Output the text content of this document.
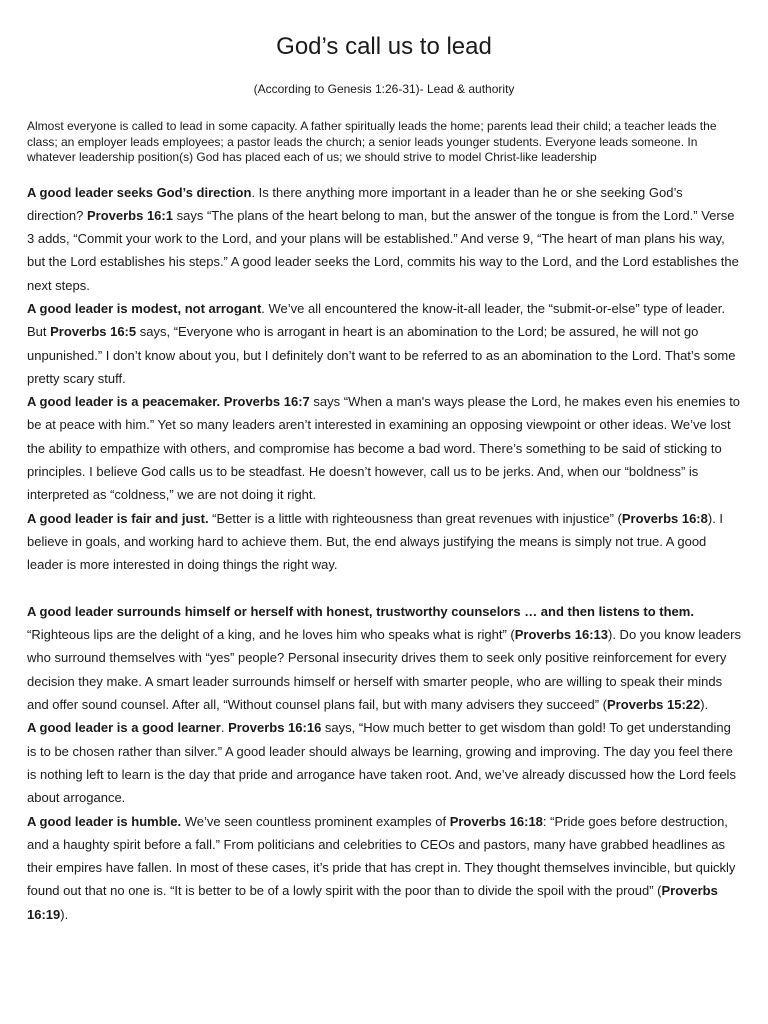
God’s call us to lead
(According to Genesis 1:26-31)- Lead & authority

Almost everyone is called to lead in some capacity. A father spiritually leads the home; parents lead their child; a teacher leads the class; an employer leads employees; a pastor leads the church; a senior leads younger students. Everyone leads someone. In whatever leadership position(s) God has placed each of us; we should strive to model Christ-like leadership

A good leader seeks God’s direction. Is there anything more important in a leader than he or she seeking God’s direction? Proverbs 16:1 says “The plans of the heart belong to man, but the answer of the tongue is from the Lord.” Verse 3 adds, “Commit your work to the Lord, and your plans will be established.” And verse 9, “The heart of man plans his way, but the Lord establishes his steps.” A good leader seeks the Lord, commits his way to the Lord, and the Lord establishes the next steps.

A good leader is modest, not arrogant. We’ve all encountered the know-it-all leader, the “submit-or-else” type of leader. But Proverbs 16:5 says, “Everyone who is arrogant in heart is an abomination to the Lord; be assured, he will not go unpunished.” I don’t know about you, but I definitely don’t want to be referred to as an abomination to the Lord. That’s some pretty scary stuff.

A good leader is a peacemaker. Proverbs 16:7 says “When a man's ways please the Lord, he makes even his enemies to be at peace with him.” Yet so many leaders aren’t interested in examining an opposing viewpoint or other ideas. We’ve lost the ability to empathize with others, and compromise has become a bad word. There’s something to be said of sticking to principles. I believe God calls us to be steadfast. He doesn’t however, call us to be jerks. And, when our “boldness” is interpreted as “coldness,” we are not doing it right.

A good leader is fair and just. “Better is a little with righteousness than great revenues with injustice” (Proverbs 16:8). I believe in goals, and working hard to achieve them. But, the end always justifying the means is simply not true. A good leader is more interested in doing things the right way.

A good leader surrounds himself or herself with honest, trustworthy counselors … and then listens to them. “Righteous lips are the delight of a king, and he loves him who speaks what is right” (Proverbs 16:13). Do you know leaders who surround themselves with “yes” people? Personal insecurity drives them to seek only positive reinforcement for every decision they make. A smart leader surrounds himself or herself with smarter people, who are willing to speak their minds and offer sound counsel. After all, “Without counsel plans fail, but with many advisers they succeed” (Proverbs 15:22).

A good leader is a good learner. Proverbs 16:16 says, “How much better to get wisdom than gold! To get understanding is to be chosen rather than silver.” A good leader should always be learning, growing and improving. The day you feel there is nothing left to learn is the day that pride and arrogance have taken root. And, we’ve already discussed how the Lord feels about arrogance.

A good leader is humble. We’ve seen countless prominent examples of Proverbs 16:18: “Pride goes before destruction, and a haughty spirit before a fall.” From politicians and celebrities to CEOs and pastors, many have grabbed headlines as their empires have fallen. In most of these cases, it’s pride that has crept in. They thought themselves invincible, but quickly found out that no one is. “It is better to be of a lowly spirit with the poor than to divide the spoil with the proud” (Proverbs 16:19).
